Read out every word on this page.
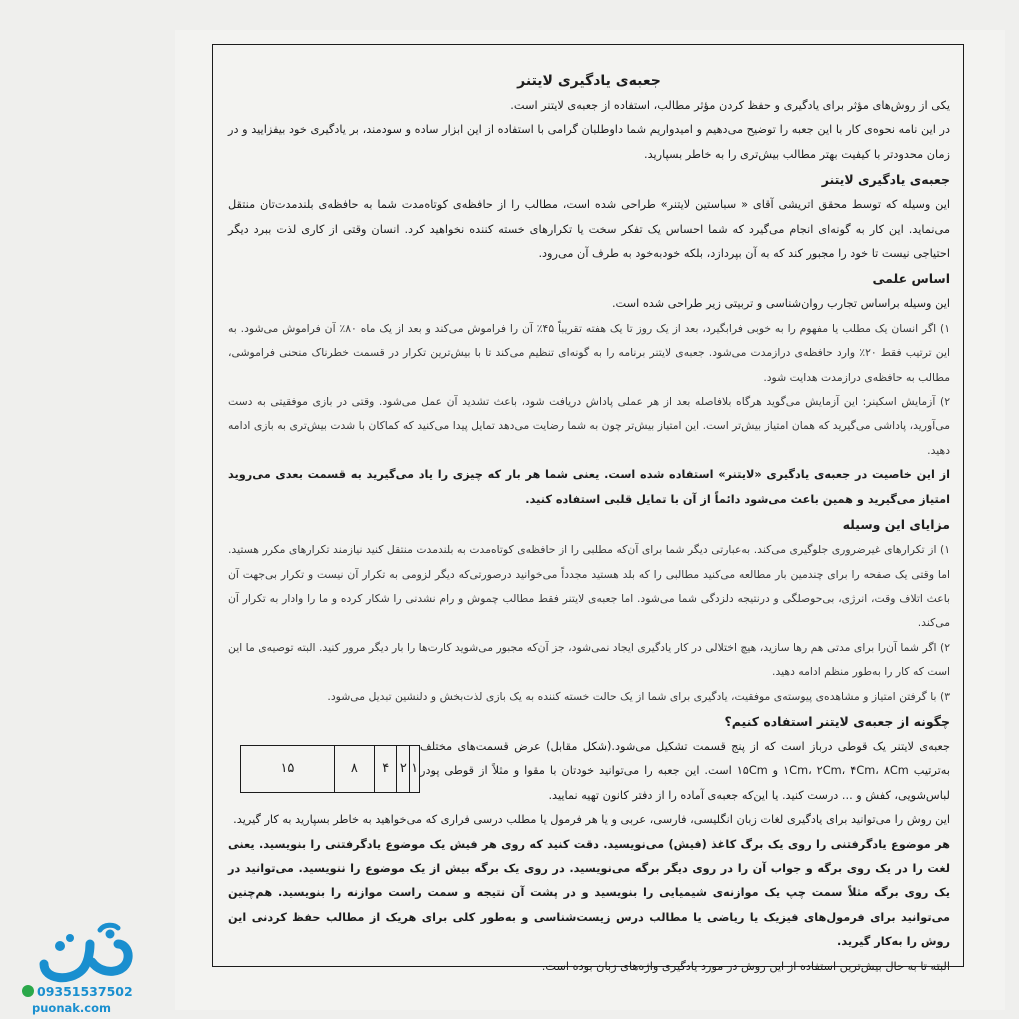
جعبه‌ی یادگیری لایتنر

یکی از روش‌های مؤثر برای یادگیری و حفظ کردن مؤثر مطالب، استفاده از جعبه‌ی لایتنر است.

در این نامه نحوه‌ی کار با این جعبه را توضیح می‌دهیم و امیدواریم شما داوطلبان گرامی با استفاده از این ابزار ساده و سودمند، بر یادگیری خود بیفزایید و در زمان محدودتر با کیفیت بهتر مطالب بیش‌تری را به خاطر بسپارید.

جعبه‌ی یادگیری لایتنر

این وسیله که توسط محقق اتریشی آقای « سباستین لایتنر» طراحی شده است، مطالب را از حافظه‌ی کوتاه‌مدت شما به حافظه‌ی بلندمدت‌تان منتقل می‌نماید. این کار به گونه‌ای انجام می‌گیرد که شما احساس یک تفکر سخت یا تکرارهای خسته کننده نخواهید کرد. انسان وقتی از کاری لذت ببرد دیگر احتیاجی نیست تا خود را مجبور کند که به آن بپردازد، بلکه خودبه‌خود به طرف آن می‌رود.

اساس علمی

این وسیله براساس تجارب روان‌شناسی و تربیتی زیر طراحی شده است.

۱) اگر انسان یک مطلب یا مفهوم را به خوبی فرابگیرد، بعد از یک روز تا یک هفته تقریباً ۴۵٪ آن را فراموش می‌کند و بعد از یک ماه ۸۰٪ آن فراموش می‌شود. به این ترتیب فقط ۲۰٪ وارد حافظه‌ی درازمدت می‌شود. جعبه‌ی لایتنر برنامه را به گونه‌ای تنظیم می‌کند تا با بیش‌ترین تکرار در قسمت خطرناک منحنی فراموشی، مطالب به حافظه‌ی درازمدت هدایت شود.

۲) آزمایش اسکینر: این آزمایش می‌گوید هرگاه بلافاصله بعد از هر عملی پاداش دریافت شود، باعث تشدید آن عمل می‌شود. وقتی در بازی موفقیتی به دست می‌آورید، پاداشی می‌گیرید که همان امتیاز بیش‌تر است. این امتیاز بیش‌تر چون به شما رضایت می‌دهد تمایل پیدا می‌کنید که کماکان با شدت بیش‌تری به بازی ادامه دهید.

از این خاصیت در جعبه‌ی یادگیری «لایتنر» استفاده شده است. یعنی شما هر بار که چیزی را یاد می‌گیرید به قسمت بعدی می‌روید امتیاز می‌گیرید و همین باعث می‌شود دائماً از آن با تمایل قلبی استفاده کنید.

مزایای این وسیله

۱) از تکرارهای غیرضروری جلوگیری می‌کند. به‌عبارتی دیگر شما برای آن‌که مطلبی را از حافظه‌ی کوتاه‌مدت به بلندمدت منتقل کنید نیازمند تکرارهای مکرر هستید. اما وقتی یک صفحه را برای چندمین بار مطالعه می‌کنید مطالبی را که بلد هستید مجدداً می‌خوانید درصورتی‌که دیگر لزومی به تکرار آن نیست و تکرار بی‌جهت آن باعث اتلاف وقت، انرژی، بی‌حوصلگی و درنتیجه دلزدگی شما می‌شود. اما جعبه‌ی لایتنر فقط مطالب چموش و رام نشدنی را شکار کرده و ما را وادار به تکرار آن می‌کند.

۲) اگر شما آن‌را برای مدتی هم رها سازید، هیچ اختلالی در کار یادگیری ایجاد نمی‌شود، جز آن‌که مجبور می‌شوید کارت‌ها را بار دیگر مرور کنید. البته توصیه‌ی ما این است که کار را به‌طور منظم ادامه دهید.

۳) با گرفتن امتیاز و مشاهده‌ی پیوسته‌ی موفقیت، یادگیری برای شما از یک حالت خسته کننده به یک بازی لذت‌بخش و دلنشین تبدیل می‌شود.

چگونه از جعبه‌ی لایتنر استفاده کنیم؟

جعبه‌ی لایتنر یک قوطی درباز است که از پنج قسمت تشکیل می‌شود.(شکل مقابل) عرض قسمت‌های مختلف به‌ترتیب ۱Cm، ۲Cm، ۴Cm، ۸Cm و ۱۵Cm است. این جعبه را می‌توانید خودتان با مقوا و مثلاً از قوطی پودر لباس‌شویی، کفش و ... درست کنید. یا این‌که جعبه‌ی آماده را از دفتر کانون تهیه نمایید.

۱۵	۸	۴ ۲ ۱

این روش را می‌توانید برای یادگیری لغات زبان انگلیسی، فارسی، عربی و یا هر فرمول یا مطلب درسی فراری که می‌خواهید به خاطر بسپارید به کار گیرید.

هر موضوع یادگرفتنی را روی یک برگ کاغذ (فیش) می‌نویسید. دقت کنید که روی هر فیش یک موضوع یادگرفتنی را بنویسید. یعنی لغت را در یک روی برگه و جواب آن را در روی دیگر برگه می‌نویسید. در روی یک برگه بیش از یک موضوع را ننویسید. می‌توانید در یک روی برگه مثلاً سمت چپ یک موازنه‌ی شیمیایی را بنویسید و در پشت آن نتیجه و سمت راست موازنه را بنویسید. هم‌چنین می‌توانید برای فرمول‌های فیزیک یا ریاضی یا مطالب درس زیست‌شناسی و به‌طور کلی برای هریک از مطالب حفظ کردنی این روش را به‌کار گیرید.

البته تا به حال بیش‌ترین استفاده از این روش در مورد یادگیری واژه‌های زبان بوده است.

09351537502
puonak.com
